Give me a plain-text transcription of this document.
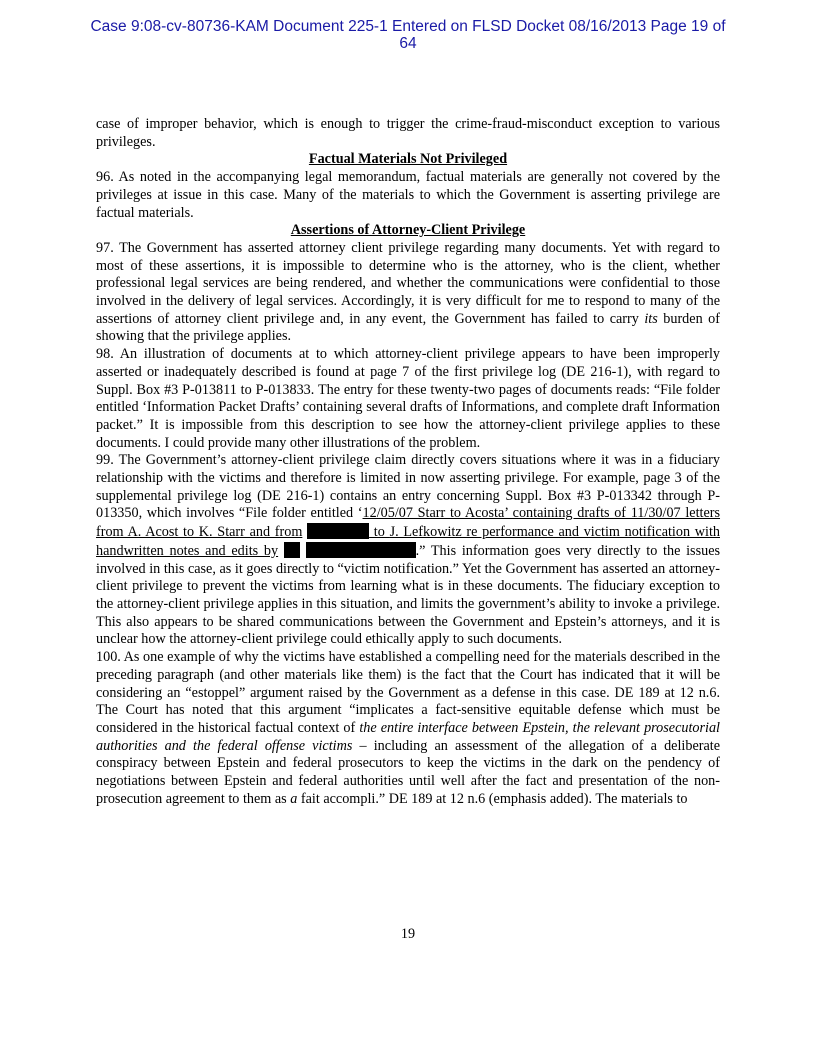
Case 9:08-cv-80736-KAM Document 225-1 Entered on FLSD Docket 08/16/2013 Page 19 of
64

case of improper behavior, which is enough to trigger the crime-fraud-misconduct exception to various privileges.

Factual Materials Not Privileged

96. As noted in the accompanying legal memorandum, factual materials are generally not covered by the privileges at issue in this case. Many of the materials to which the Government is asserting privilege are factual materials.

Assertions of Attorney-Client Privilege

97. The Government has asserted attorney client privilege regarding many documents. Yet with regard to most of these assertions, it is impossible to determine who is the attorney, who is the client, whether professional legal services are being rendered, and whether the communications were confidential to those involved in the delivery of legal services. Accordingly, it is very difficult for me to respond to many of the assertions of attorney client privilege and, in any event, the Government has failed to carry its burden of showing that the privilege applies.

98. An illustration of documents at to which attorney-client privilege appears to have been improperly asserted or inadequately described is found at page 7 of the first privilege log (DE 216-1), with regard to Suppl. Box #3 P-013811 to P-013833. The entry for these twenty-two pages of documents reads: “File folder entitled ‘Information Packet Drafts’ containing several drafts of Informations, and complete draft Information packet.” It is impossible from this description to see how the attorney-client privilege applies to these documents. I could provide many other illustrations of the problem.

99. The Government’s attorney-client privilege claim directly covers situations where it was in a fiduciary relationship with the victims and therefore is limited in now asserting privilege. For example, page 3 of the supplemental privilege log (DE 216-1) contains an entry concerning Suppl. Box #3 P-013342 through P-013350, which involves “File folder entitled ‘12/05/07 Starr to Acosta’ containing drafts of 11/30/07 letters from A. Acost to K. Starr and from	to J. Lefkowitz re performance and victim notification with handwritten notes and edits by	.” This information goes very directly to the issues involved in this case, as it goes directly to “victim notification.” Yet the Government has asserted an attorney-client privilege to prevent the victims from learning what is in these documents. The fiduciary exception to the attorney-client privilege applies in this situation, and limits the government’s ability to invoke a privilege. This also appears to be shared communications between the Government and Epstein’s attorneys, and it is unclear how the attorney-client privilege could ethically apply to such documents.

100. As one example of why the victims have established a compelling need for the materials described in the preceding paragraph (and other materials like them) is the fact that the Court has indicated that it will be considering an “estoppel” argument raised by the Government as a defense in this case. DE 189 at 12 n.6. The Court has noted that this argument “implicates a fact-sensitive equitable defense which must be considered in the historical factual context of the entire interface between Epstein, the relevant prosecutorial authorities and the federal offense victims – including an assessment of the allegation of a deliberate conspiracy between Epstein and federal prosecutors to keep the victims in the dark on the pendency of negotiations between Epstein and federal authorities until well after the fact and presentation of the non-prosecution agreement to them as a fait accompli.” DE 189 at 12 n.6 (emphasis added). The materials to

19
